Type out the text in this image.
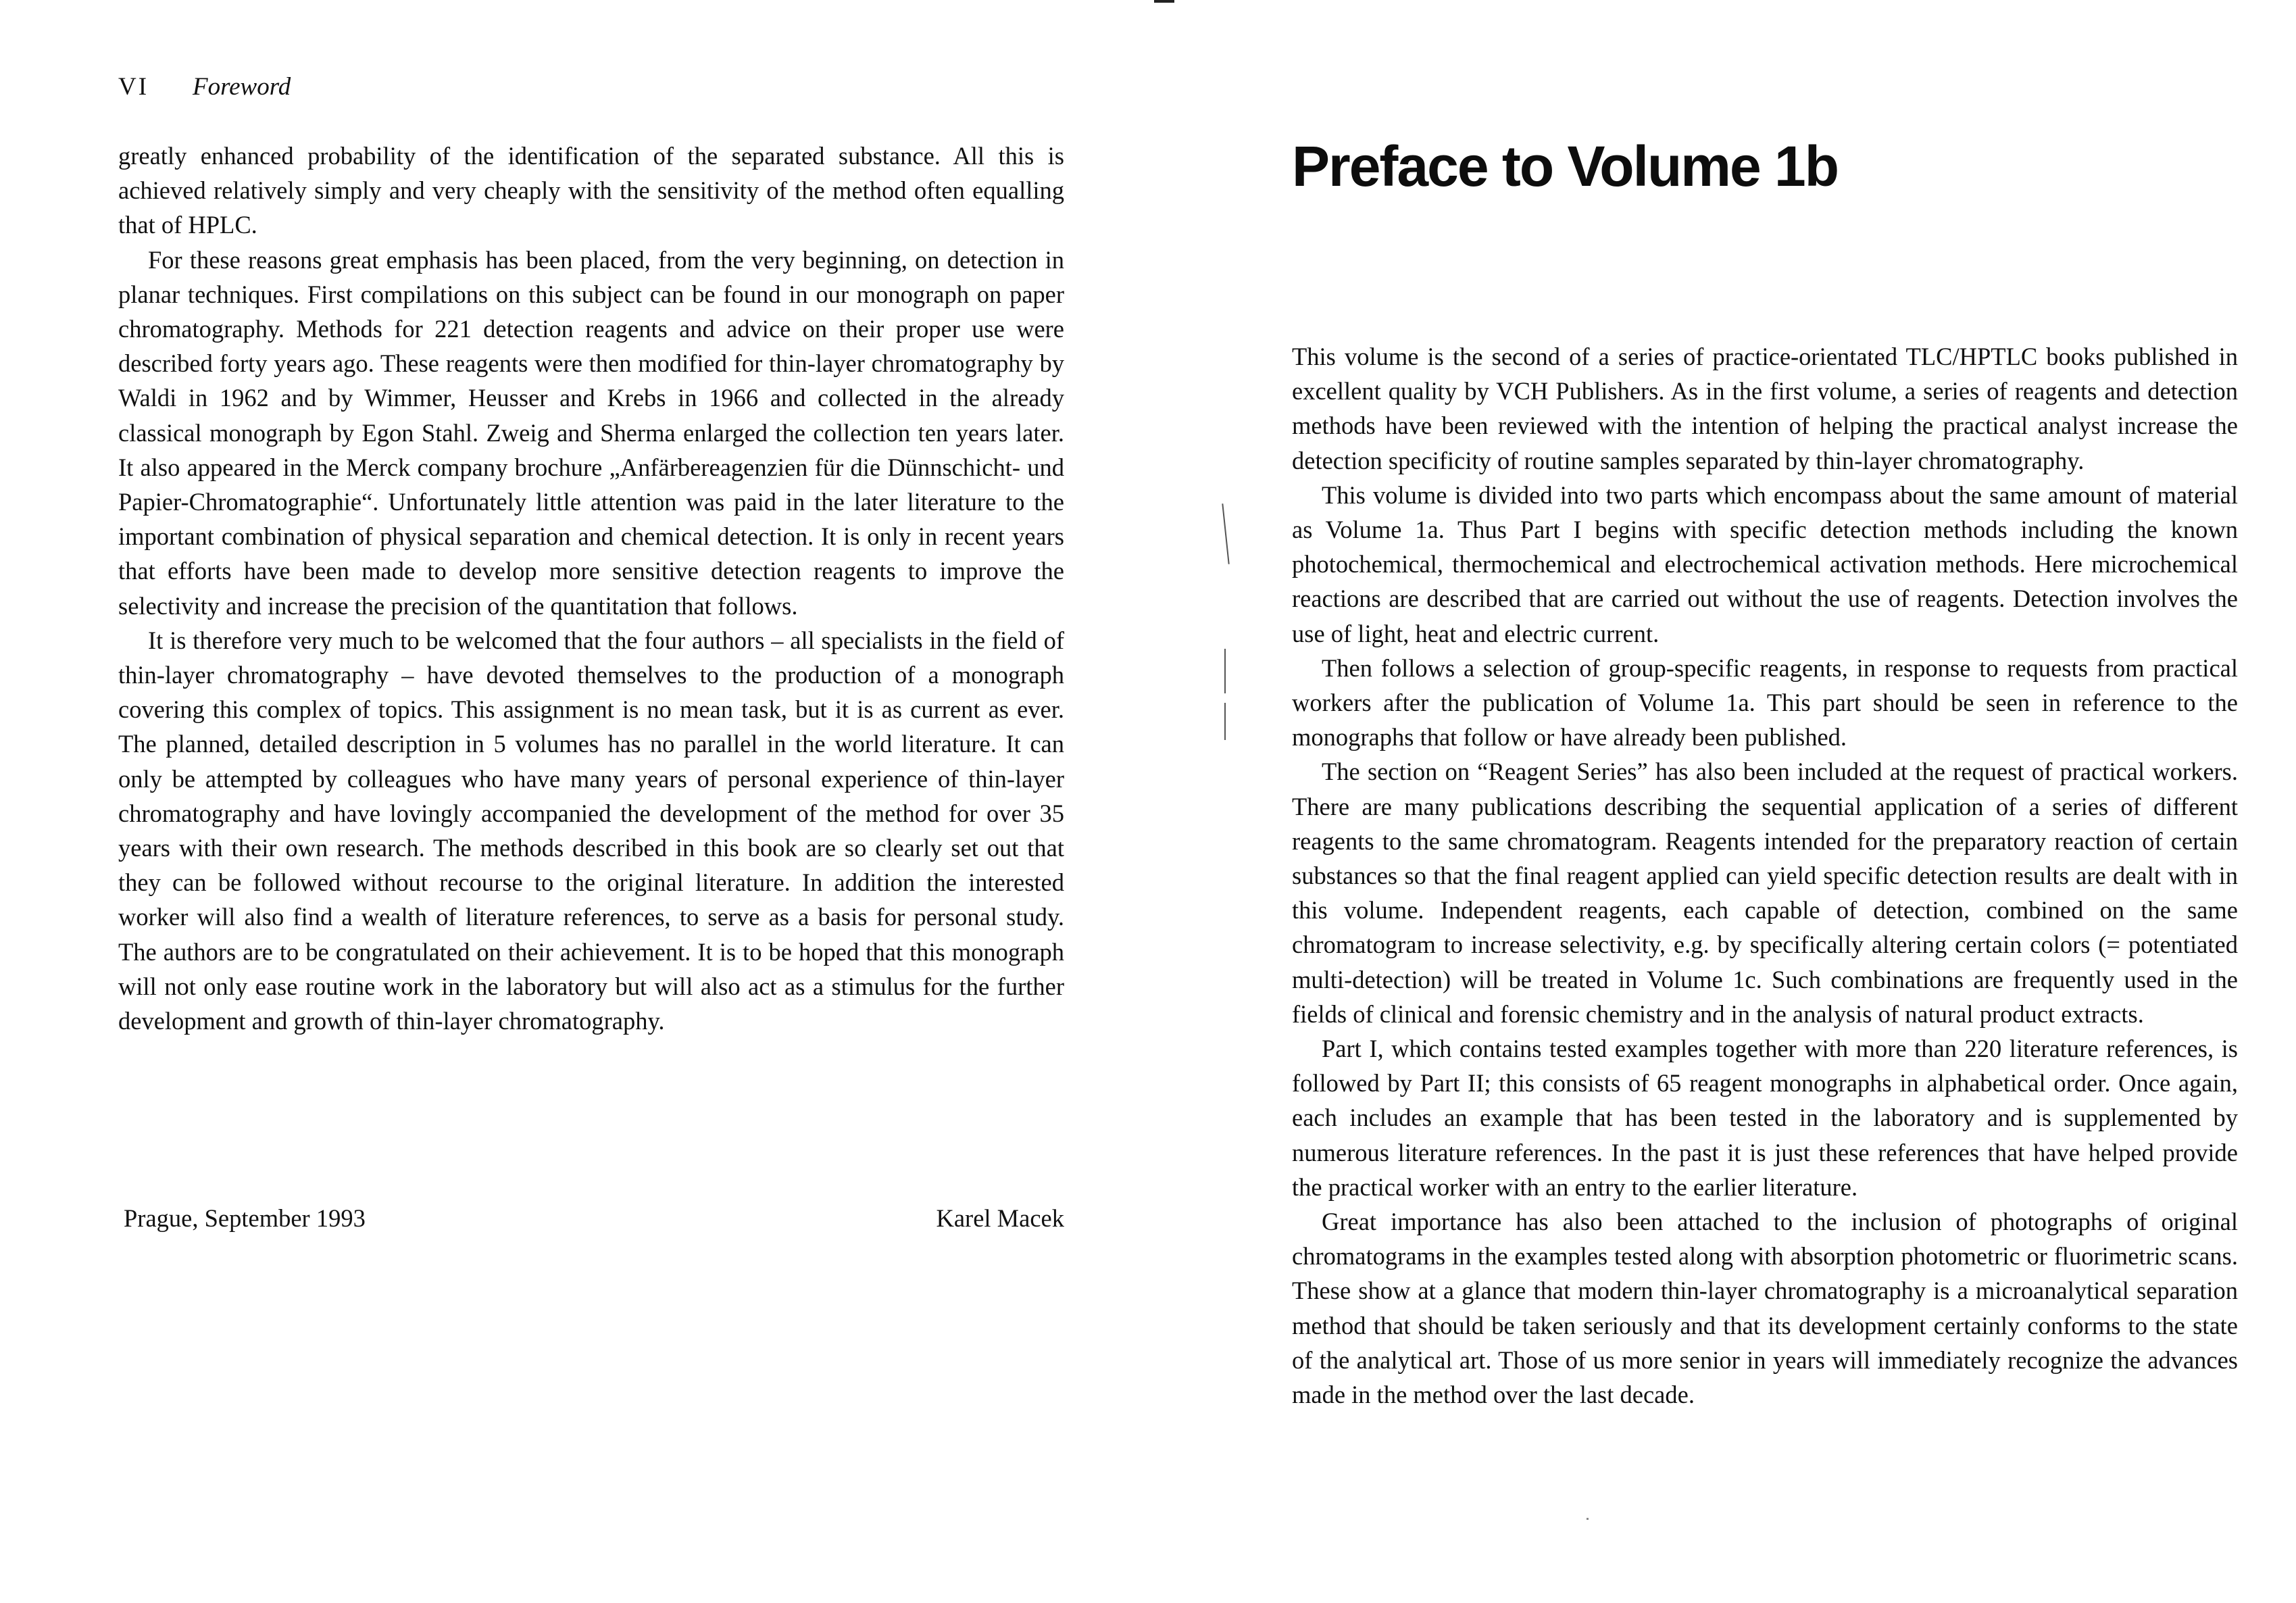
VI Foreword

greatly enhanced probability of the identification of the separated substance. All this is achieved relatively simply and very cheaply with the sensitivity of the method often equalling that of HPLC.

For these reasons great emphasis has been placed, from the very beginning, on detection in planar techniques. First compilations on this subject can be found in our monograph on paper chromatography. Methods for 221 detection reagents and advice on their proper use were described forty years ago. These reagents were then modified for thin-layer chromatography by Waldi in 1962 and by Wimmer, Heusser and Krebs in 1966 and collected in the already classical monograph by Egon Stahl. Zweig and Sherma enlarged the collection ten years later. It also appeared in the Merck company brochure „Anfärbereagenzien für die Dünnschicht- und Papier-Chromatographie“. Unfortunately little attention was paid in the later literature to the important combination of physical separation and chemical detection. It is only in recent years that efforts have been made to develop more sensitive detection reagents to improve the selectivity and increase the precision of the quantitation that follows.

It is therefore very much to be welcomed that the four authors – all specialists in the field of thin-layer chromatography – have devoted themselves to the production of a monograph covering this complex of topics. This assignment is no mean task, but it is as current as ever. The planned, detailed description in 5 volumes has no parallel in the world literature. It can only be attempted by colleagues who have many years of personal experience of thin-layer chromatography and have lovingly accompanied the development of the method for over 35 years with their own research. The methods described in this book are so clearly set out that they can be followed without recourse to the original literature. In addition the interested worker will also find a wealth of literature references, to serve as a basis for personal study. The authors are to be congratulated on their achievement. It is to be hoped that this monograph will not only ease routine work in the laboratory but will also act as a stimulus for the further development and growth of thin-layer chromatography.

Prague, September 1993	Karel Macek
Preface to Volume 1b

This volume is the second of a series of practice-orientated TLC/HPTLC books published in excellent quality by VCH Publishers. As in the first volume, a series of reagents and detection methods have been reviewed with the intention of helping the practical analyst increase the detection specificity of routine samples separated by thin-layer chromatography.

This volume is divided into two parts which encompass about the same amount of material as Volume 1a. Thus Part I begins with specific detection methods including the known photochemical, thermochemical and electrochemical activation methods. Here microchemical reactions are described that are carried out without the use of reagents. Detection involves the use of light, heat and electric current.

Then follows a selection of group-specific reagents, in response to requests from practical workers after the publication of Volume 1a. This part should be seen in reference to the monographs that follow or have already been published.

The section on “Reagent Series” has also been included at the request of practical workers. There are many publications describing the sequential application of a series of different reagents to the same chromatogram. Reagents intended for the preparatory reaction of certain substances so that the final reagent applied can yield specific detection results are dealt with in this volume. Independent reagents, each capable of detection, combined on the same chromatogram to increase selectivity, e.g. by specifically altering certain colors (= potentiated multi-detection) will be treated in Volume 1c. Such combinations are frequently used in the fields of clinical and forensic chemistry and in the analysis of natural product extracts.

Part I, which contains tested examples together with more than 220 literature references, is followed by Part II; this consists of 65 reagent monographs in alphabetical order. Once again, each includes an example that has been tested in the laboratory and is supplemented by numerous literature references. In the past it is just these references that have helped provide the practical worker with an entry to the earlier literature.

Great importance has also been attached to the inclusion of photographs of original chromatograms in the examples tested along with absorption photometric or fluorimetric scans. These show at a glance that modern thin-layer chromatography is a microanalytical separation method that should be taken seriously and that its development certainly conforms to the state of the analytical art. Those of us more senior in years will immediately recognize the advances made in the method over the last decade.
